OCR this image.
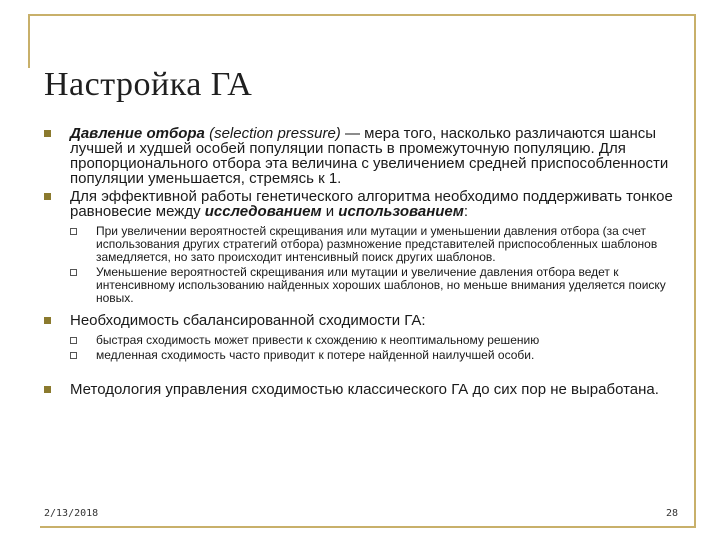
Настройка ГА
Давление отбора (selection pressure) — мера того, насколько различаются шансы лучшей и худшей особей популяции попасть в промежуточную популяцию. Для пропорционального отбора эта величина с увеличением средней приспособленности популяции уменьшается, стремясь к 1.
Для эффективной работы генетического алгоритма необходимо поддерживать тонкое равновесие между исследованием и использованием:
При увеличении вероятностей скрещивания или мутации и уменьшении давления отбора (за счет использования других стратегий отбора) размножение представителей приспособленных шаблонов замедляется, но зато происходит интенсивный поиск других шаблонов.
Уменьшение вероятностей скрещивания или мутации и увеличение давления отбора ведет к интенсивному использованию найденных хороших шаблонов, но меньше внимания уделяется поиску новых.
Необходимость сбалансированной сходимости ГА:
быстрая сходимость может привести к схождению к неоптимальному решению
медленная сходимость часто приводит к потере найденной наилучшей особи.
Методология управления сходимостью классического ГА до сих пор не выработана.
2/13/2018	28
